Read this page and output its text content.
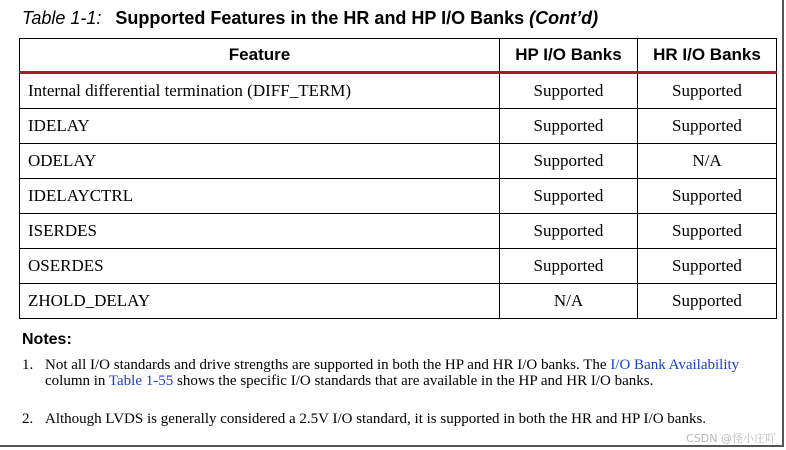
Table 1-1: Supported Features in the HR and HP I/O Banks (Cont’d)
Feature	HP I/O Banks	HR I/O Banks
Internal differential termination (DIFF_TERM)	Supported	Supported
IDELAY	Supported	Supported
ODELAY	Supported	N/A
IDELAYCTRL	Supported	Supported
ISERDES	Supported	Supported
OSERDES	Supported	Supported
ZHOLD_DELAY	N/A	Supported
Notes:
1. Not all I/O standards and drive strengths are supported in both the HP and HR I/O banks. The I/O Bank Availability column in Table 1-55 shows the specific I/O standards that are available in the HP and HR I/O banks.
2. Although LVDS is generally considered a 2.5V I/O standard, it is supported in both the HR and HP I/O banks.
CSDN @怪小庄吖
